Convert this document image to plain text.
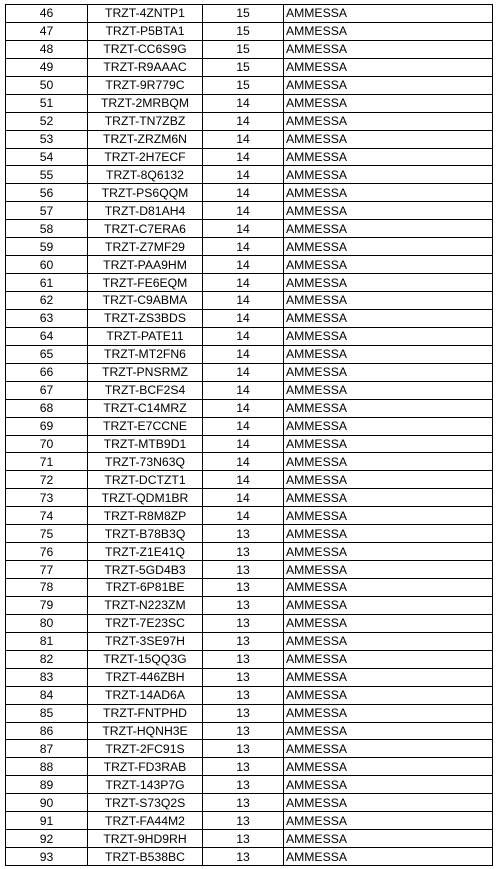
46	TRZT-4ZNTP1	15	AMMESSA
47	TRZT-P5BTA1	15	AMMESSA
48	TRZT-CC6S9G	15	AMMESSA
49	TRZT-R9AAAC	15	AMMESSA
50	TRZT-9R779C	15	AMMESSA
51	TRZT-2MRBQM	14	AMMESSA
52	TRZT-TN7ZBZ	14	AMMESSA
53	TRZT-ZRZM6N	14	AMMESSA
54	TRZT-2H7ECF	14	AMMESSA
55	TRZT-8Q6132	14	AMMESSA
56	TRZT-PS6QQM	14	AMMESSA
57	TRZT-D81AH4	14	AMMESSA
58	TRZT-C7ERA6	14	AMMESSA
59	TRZT-Z7MF29	14	AMMESSA
60	TRZT-PAA9HM	14	AMMESSA
61	TRZT-FE6EQM	14	AMMESSA
62	TRZT-C9ABMA	14	AMMESSA
63	TRZT-ZS3BDS	14	AMMESSA
64	TRZT-PATE11	14	AMMESSA
65	TRZT-MT2FN6	14	AMMESSA
66	TRZT-PNSRMZ	14	AMMESSA
67	TRZT-BCF2S4	14	AMMESSA
68	TRZT-C14MRZ	14	AMMESSA
69	TRZT-E7CCNE	14	AMMESSA
70	TRZT-MTB9D1	14	AMMESSA
71	TRZT-73N63Q	14	AMMESSA
72	TRZT-DCTZT1	14	AMMESSA
73	TRZT-QDM1BR	14	AMMESSA
74	TRZT-R8M8ZP	14	AMMESSA
75	TRZT-B78B3Q	13	AMMESSA
76	TRZT-Z1E41Q	13	AMMESSA
77	TRZT-5GD4B3	13	AMMESSA
78	TRZT-6P81BE	13	AMMESSA
79	TRZT-N223ZM	13	AMMESSA
80	TRZT-7E23SC	13	AMMESSA
81	TRZT-3SE97H	13	AMMESSA
82	TRZT-15QQ3G	13	AMMESSA
83	TRZT-446ZBH	13	AMMESSA
84	TRZT-14AD6A	13	AMMESSA
85	TRZT-FNTPHD	13	AMMESSA
86	TRZT-HQNH3E	13	AMMESSA
87	TRZT-2FC91S	13	AMMESSA
88	TRZT-FD3RAB	13	AMMESSA
89	TRZT-143P7G	13	AMMESSA
90	TRZT-S73Q2S	13	AMMESSA
91	TRZT-FA44M2	13	AMMESSA
92	TRZT-9HD9RH	13	AMMESSA
93	TRZT-B538BC	13	AMMESSA
